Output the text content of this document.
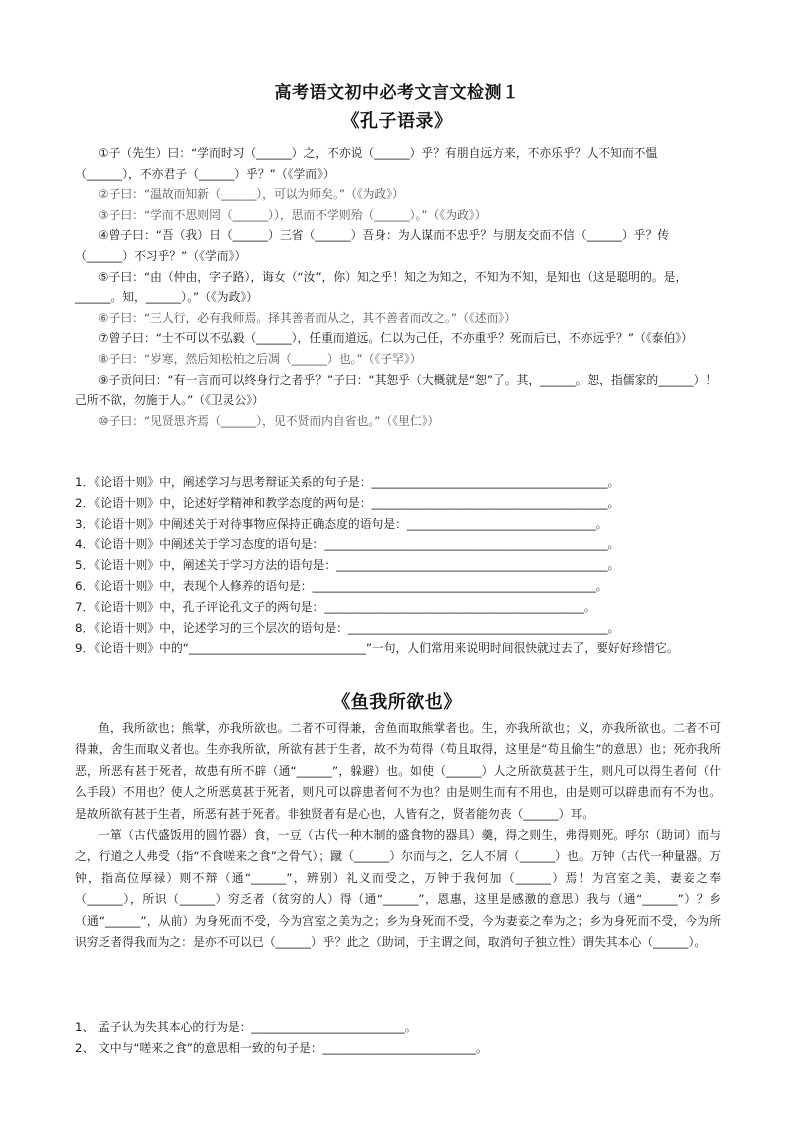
高考语文初中必考文言文检测１
《孔子语录》

①子（先生）曰：“学而时习（______）之，不亦说（______）乎？有朋自远方来，不亦乐乎？人不知而不愠（______），不亦君子（______）乎？”（《学而》）

②子曰：“温故而知新（______），可以为师矣。”（《为政》）

③子曰：“学而不思则罔（______）），思而不学则殆（______）。”（《为政》）

④曾子曰：“吾（我）日（______）三省（______）吾身：为人谋而不忠乎？与朋友交而不信（______）乎？传（______）不习乎？”（《学而》）

⑤子曰：“由（仲由，字子路），诲女（“汝”，你）知之乎！知之为知之，不知为不知，是知也（这是聪明的。是，______。知，______）。”（《为政》）

⑥子曰：“三人行，必有我师焉。择其善者而从之，其不善者而改之。”（《述而》）

⑦曾子曰：“士不可以不弘毅（______），任重而道远。仁以为己任，不亦重乎？死而后已，不亦远乎？”（《泰伯》）

⑧子曰：“岁寒，然后知松柏之后凋（______）也。”（《子罕》）

⑨子贡问曰：“有一言而可以终身行之者乎？”子曰：“其恕乎（大概就是“恕”了。其，______。恕，指儒家的______）！己所不欲，勿施于人。”（《卫灵公》）

⑩子曰：“见贤思齐焉（______），见不贤而内自省也。”（《里仁》）

1．《论语十则》中，阐述学习与思考辩证关系的句子是：________________________________________。
2．《论语十则》中，论述好学精神和教学态度的两句是：________________________________________。
3．《论语十则》中阐述关于对待事物应保持正确态度的语句是：________________________________。
4．《论语十则》中阐述关于学习态度的语句是：________________________________________________。
5．《论语十则》中，阐述关于学习方法的语句是：______________________________________________。
6．《论语十则》中，表现个人修养的语句是：________________________________________________。
7．《论语十则》中，孔子评论孔文子的两句是：____________________________________________。
8．《论语十则》中，论述学习的三个层次的语句是：____________________________________________。
9．《论语十则》中的“______________________________”一句，人们常用来说明时间很快就过去了，要好好珍惜它。
《鱼我所欲也》

鱼，我所欲也；熊掌，亦我所欲也。二者不可得兼，舍鱼而取熊掌者也。生，亦我所欲也；义，亦我所欲也。二者不可得兼，舍生而取义者也。生亦我所欲，所欲有甚于生者，故不为苟得（苟且取得，这里是“苟且偷生”的意思）也；死亦我所恶，所恶有甚于死者，故患有所不辟（通“______”，躲避）也。如使（______）人之所欲莫甚于生，则凡可以得生者何（什么手段）不用也？使人之所恶莫甚于死者，则凡可以辟患者何不为也？由是则生而有不用也，由是则可以辟患而有不为也。是故所欲有甚于生者，所恶有甚于死者。非独贤者有是心也，人皆有之，贤者能勿丧（______）耳。

一箪（古代盛饭用的圆竹器）食，一豆（古代一种木制的盛食物的器具）羹，得之则生，弗得则死。呼尔（助词）而与之，行道之人弗受（指“不食嗟来之食”之骨气）；蹴（______）尔而与之，乞人不屑（______）也。万钟（古代一种量器。万钟，指高位厚禄）则不辩（通“______”，辨别）礼义而受之，万钟于我何加（______）焉！为宫室之美，妻妾之奉（______），所识（______）穷乏者（贫穷的人）得（通“______”，恩惠，这里是感激的意思）我与（通“______”）？乡（通“______”，从前）为身死而不受，今为宫室之美为之；乡为身死而不受，今为妻妾之奉为之；乡为身死而不受，今为所识穷乏者得我而为之：是亦不可以已（______）乎？此之（助词，于主谓之间，取消句子独立性）谓失其本心（______）。

1、 孟子认为失其本心的行为是：__________________________。
2、 文中与“嗟来之食”的意思相一致的句子是：__________________________。
